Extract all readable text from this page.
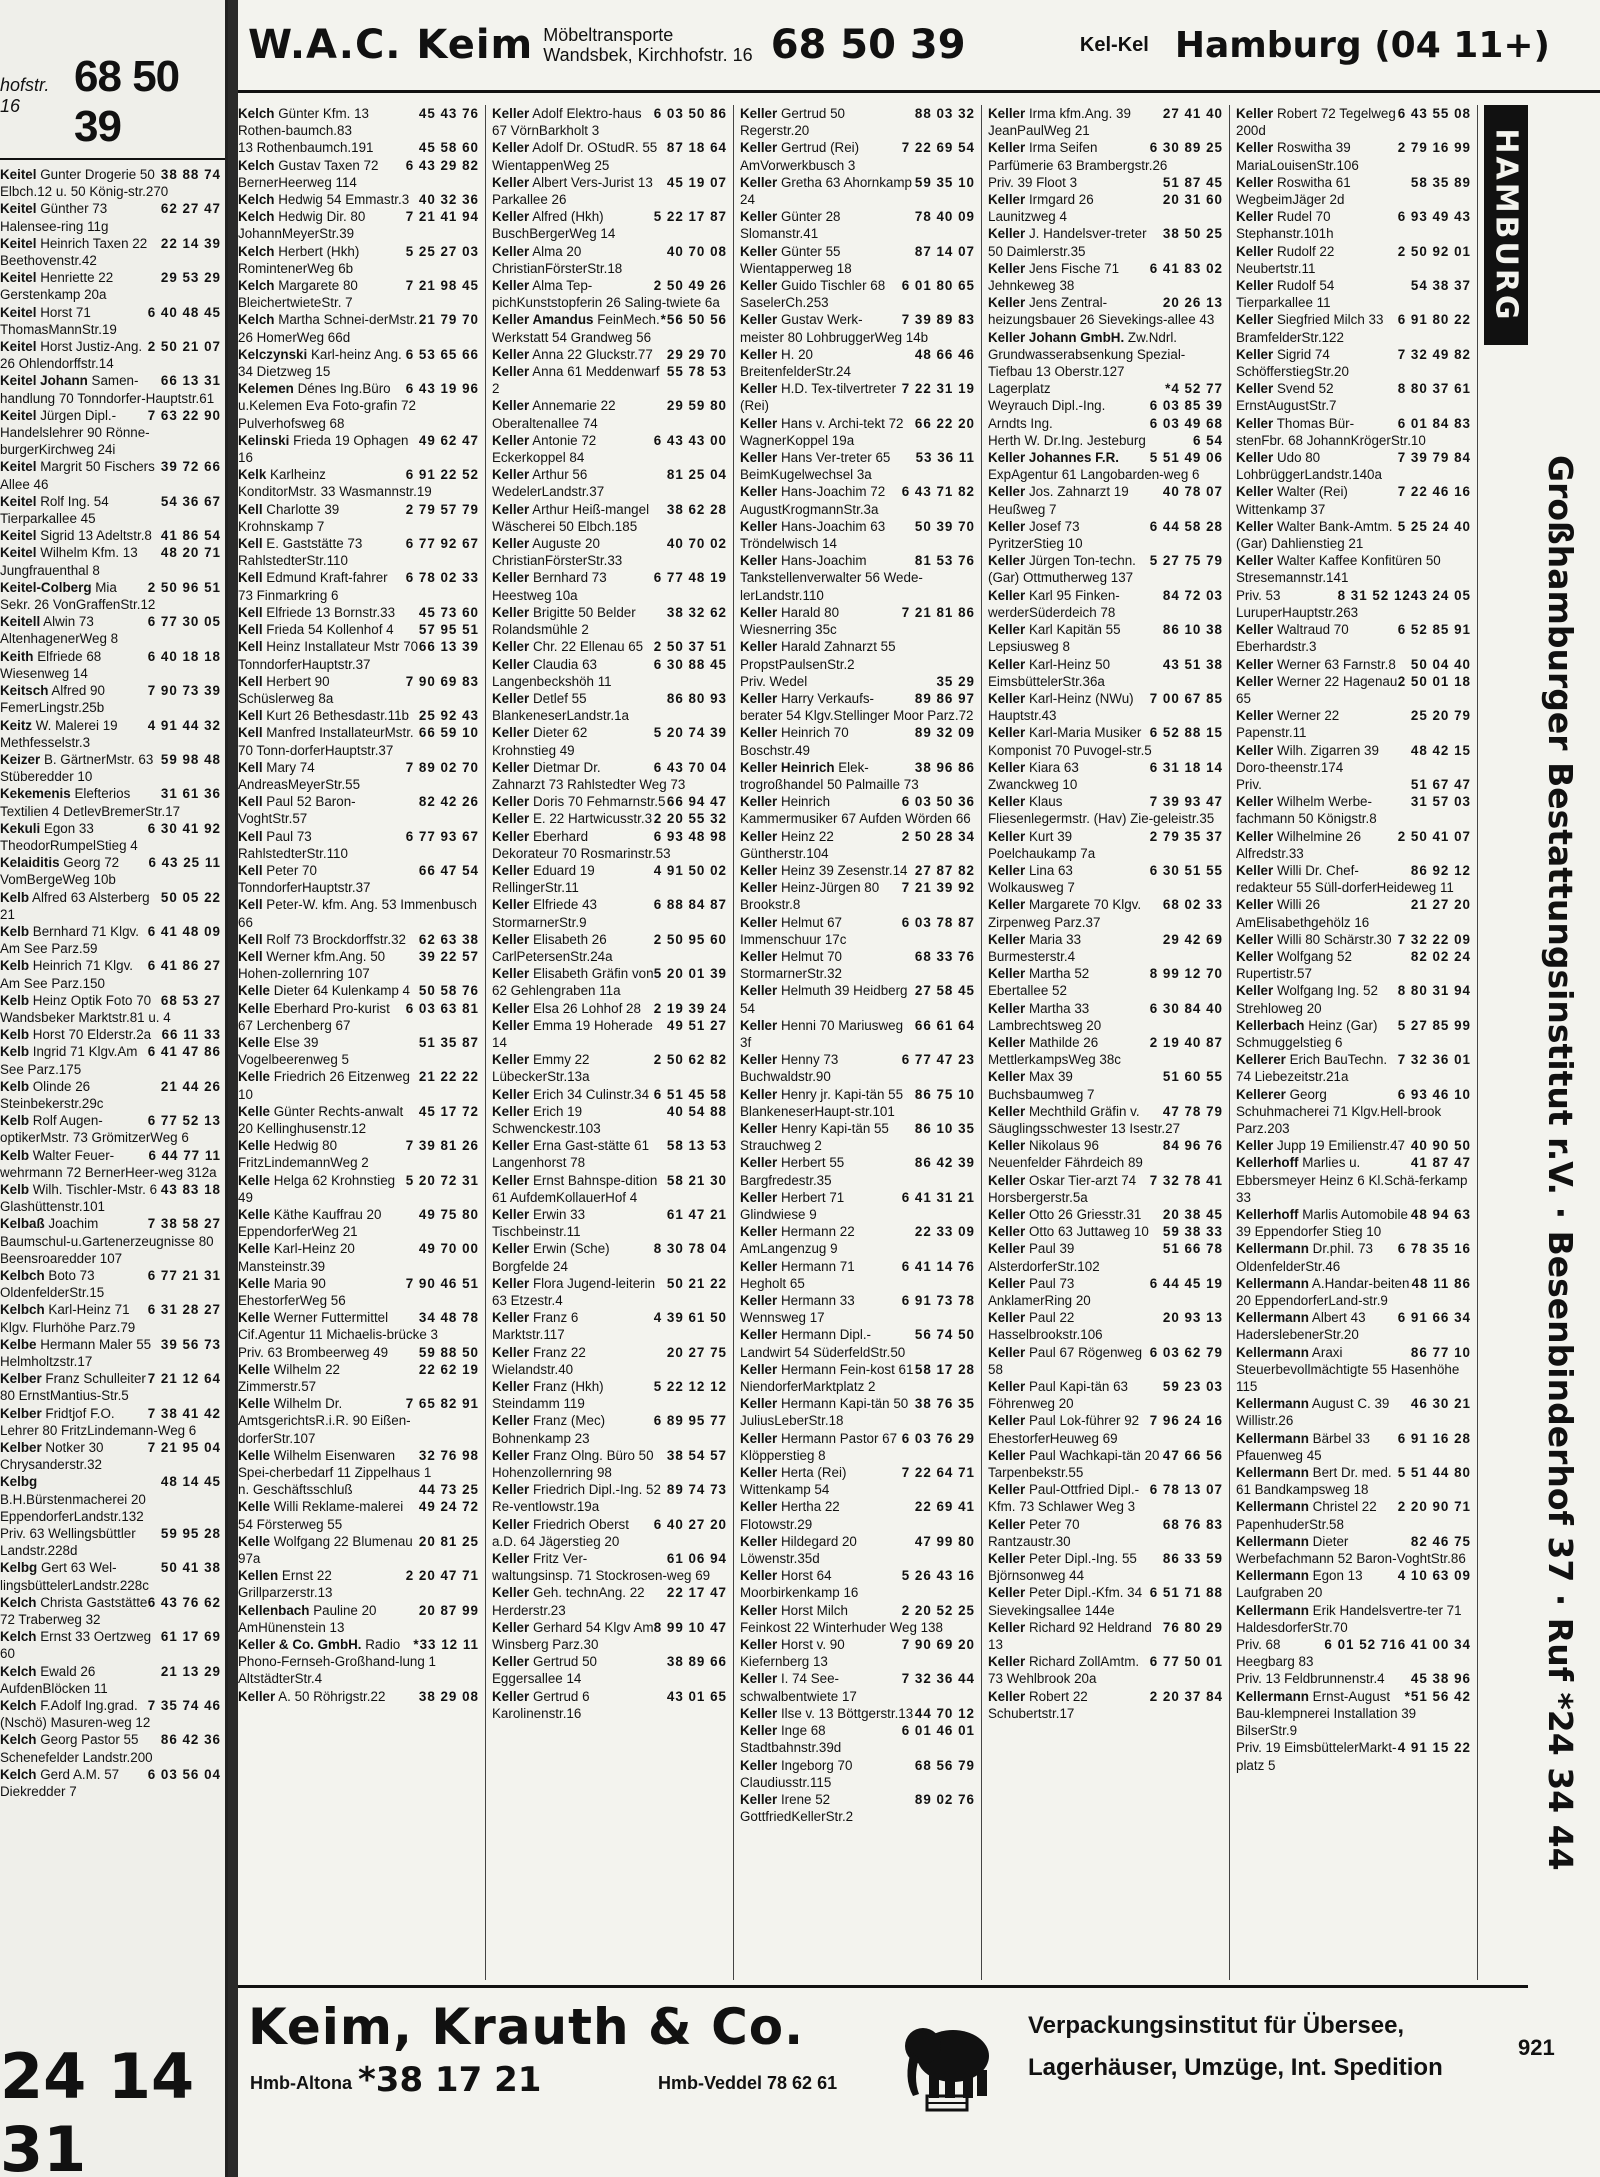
hofstr. 16
68 50 39
38 88 74
Keitel Gunter Drogerie 50 Elbch.12 u. 50 König-str.270
62 27 47
Keitel Günther 73 Halensee-ring 11g
22 14 39
Keitel Heinrich Taxen 22 Beethovenstr.42
29 53 29
Keitel Henriette 22 Gerstenkamp 20a
6 40 48 45
Keitel Horst 71 ThomasMannStr.19
2 50 21 07
Keitel Horst Justiz-Ang. 26 Ohlendorffstr.14
66 13 31
Keitel Johann Samen-handlung 70 Tonndorfer-Hauptstr.61
7 63 22 90
Keitel Jürgen Dipl.-Handelslehrer 90 Rönne-burgerKirchweg 24i
39 72 66
Keitel Margrit 50 Fischers Allee 46
54 36 67
Keitel Rolf Ing. 54 Tierparkallee 45
41 86 54
Keitel Sigrid 13 Adeltstr.8
48 20 71
Keitel Wilhelm Kfm. 13 Jungfrauenthal 8
2 50 96 51
Keitel-Colberg Mia Sekr. 26 VonGraffenStr.12
6 77 30 05
Keitell Alwin 73 AltenhagenerWeg 8
6 40 18 18
Keith Elfriede 68 Wiesenweg 14
7 90 73 39
Keitsch Alfred 90 FemerLingstr.25b
4 91 44 32
Keitz W. Malerei 19 Methfesselstr.3
59 98 48
Keizer B. GärtnerMstr. 63 Stüberedder 10
31 61 36
Kekemenis Elefterios Textilien 4 DetlevBremerStr.17
6 30 41 92
Kekuli Egon 33 TheodorRumpelStieg 4
6 43 25 11
Kelaiditis Georg 72 VomBergeWeg 10b
50 05 22
Kelb Alfred 63 Alsterberg 21
6 41 48 09
Kelb Bernhard 71 Klgv. Am See Parz.59
6 41 86 27
Kelb Heinrich 71 Klgv. Am See Parz.150
68 53 27
Kelb Heinz Optik Foto 70 Wandsbeker Marktstr.81 u. 4
66 11 33
Kelb Horst 70 Elderstr.2a
6 41 47 86
Kelb Ingrid 71 Klgv.Am See Parz.175
21 44 26
Kelb Olinde 26 Steinbekerstr.29c
6 77 52 13
Kelb Rolf Augen-optikerMstr. 73 GrömitzerWeg 6
6 44 77 11
Kelb Walter Feuer-wehrmann 72 BernerHeer-weg 312a
43 83 18
Kelb Wilh. Tischler-Mstr. 6 Glashüttenstr.101
7 38 58 27
Kelbaß Joachim Baumschul-u.Gartenerzeugnisse 80 Beensroaredder 107
6 77 21 31
Kelbch Boto 73 OldenfelderStr.15
6 31 28 27
Kelbch Karl-Heinz 71 Klgv. Flurhöhe Parz.79
39 56 73
Kelbe Hermann Maler 55 Helmholtzstr.17
7 21 12 64
Kelber Franz Schulleiter 80 ErnstMantius-Str.5
7 38 41 42
Kelber Fridtjof F.O. Lehrer 80 FritzLindemann-Weg 6
7 21 95 04
Kelber Notker 30 Chrysanderstr.32
48 14 45
Kelbg B.H.Bürstenmacherei 20 EppendorferLandstr.132
59 95 28
Priv. 63 Wellingsbüttler Landstr.228d
50 41 38
Kelbg Gert 63 Wel-lingsbüttelerLandstr.228c
6 43 76 62
Kelch Christa Gaststätte 72 Traberweg 32
61 17 69
Kelch Ernst 33 Oertzweg 60
21 13 29
Kelch Ewald 26 AufdenBlöcken 11
7 35 74 46
Kelch F.Adolf Ing.grad. (Nschö) Masuren-weg 12
86 42 36
Kelch Georg Pastor 55 Schenefelder Landstr.200
6 03 56 04
Kelch Gerd A.M. 57 Diekredder 7
24 14 31
W.A.C. Keim Möbeltransporte
Wandsbek, Kirchhofstr. 16 68 50 39	Kel-Kel Hamburg (04 11+)
45 43 76
Kelch Günter Kfm. 13 Rothen-baumch.83
45 58 60
13 Rothenbaumch.191
6 43 29 82
Kelch Gustav Taxen 72 BernerHeerweg 114
40 32 36
Kelch Hedwig 54 Emmastr.3
7 21 41 94
Kelch Hedwig Dir. 80 JohannMeyerStr.39
5 25 27 03
Kelch Herbert (Hkh) RomintenerWeg 6b
7 21 98 45
Kelch Margarete 80 BleichertwieteStr. 7
21 79 70
Kelch Martha Schnei-derMstr. 26 HomerWeg 66d
6 53 65 66
Kelczynski Karl-heinz Ang. 34 Dietzweg 15
6 43 19 96
Kelemen Dénes Ing.Büro u.Kelemen Eva Foto-grafin 72 Pulverhofsweg 68
49 62 47
Kelinski Frieda 19 Ophagen 16
6 91 22 52
Kelk Karlheinz KonditorMstr. 33 Wasmannstr.19
2 79 57 79
Kell Charlotte 39 Krohnskamp 7
6 77 92 67
Kell E. Gaststätte 73 RahlstedterStr.110
6 78 02 33
Kell Edmund Kraft-fahrer 73 Finmarkring 6
45 73 60
Kell Elfriede 13 Bornstr.33
57 95 51
Kell Frieda 54 Kollenhof 4
66 13 39
Kell Heinz Installateur Mstr 70 TonndorferHauptstr.37
7 90 69 83
Kell Herbert 90 Schüslerweg 8a
25 92 43
Kell Kurt 26 Bethesdastr.11b
66 59 10
Kell Manfred InstallateurMstr. 70 Tonn-dorferHauptstr.37
7 89 02 70
Kell Mary 74 AndreasMeyerStr.55
82 42 26
Kell Paul 52 Baron-VoghtStr.57
6 77 93 67
Kell Paul 73 RahlstedterStr.110
66 47 54
Kell Peter 70 TonndorferHauptstr.37
Kell Peter-W. kfm. Ang. 53 Immenbusch 66
62 63 38
Kell Rolf 73 Brockdorffstr.32
39 22 57
Kell Werner kfm.Ang. 50 Hohen-zollernring 107
50 58 76
Kelle Dieter 64 Kulenkamp 4
6 03 63 81
Kelle Eberhard Pro-kurist 67 Lerchenberg 67
51 35 87
Kelle Else 39 Vogelbeerenweg 5
21 22 22
Kelle Friedrich 26 Eitzenweg 10
45 17 72
Kelle Günter Rechts-anwalt 20 Kellinghusenstr.12
7 39 81 26
Kelle Hedwig 80 FritzLindemannWeg 2
5 20 72 31
Kelle Helga 62 Krohnstieg 49
49 75 80
Kelle Käthe Kauffrau 20 EppendorferWeg 21
49 70 00
Kelle Karl-Heinz 20 Mansteinstr.39
7 90 46 51
Kelle Maria 90 EhestorferWeg 56
34 48 78
Kelle Werner Futtermittel Cif.Agentur 11 Michaelis-brücke 3
59 88 50
Priv. 63 Brombeerweg 49
22 62 19
Kelle Wilhelm 22 Zimmerstr.57
7 65 82 91
Kelle Wilhelm Dr. AmtsgerichtsR.i.R. 90 Eißen-dorferStr.107
32 76 98
Kelle Wilhelm Eisenwaren Spei-cherbedarf 11 Zippelhaus 1
44 73 25
n. Geschäftsschluß
49 24 72
Kelle Willi Reklame-malerei 54 Försterweg 55
20 81 25
Kelle Wolfgang 22 Blumenau 97a
2 20 47 71
Kellen Ernst 22 Grillparzerstr.13
20 87 99
Kellenbach Pauline 20 AmHünenstein 13
*33 12 11
Keller & Co. GmbH. Radio Phono-Fernseh-Großhand-lung 1 AltstädterStr.4
38 29 08
Keller A. 50 Röhrigstr.22
6 03 50 86
Keller Adolf Elektro-haus 67 VörnBarkholt 3
87 18 64
Keller Adolf Dr. OStudR. 55 WientappenWeg 25
45 19 07
Keller Albert Vers-Jurist 13 Parkallee 26
5 22 17 87
Keller Alfred (Hkh) BuschBergerWeg 14
40 70 08
Keller Alma 20 ChristianFörsterStr.18
2 50 49 26
Keller Alma Tep-pichKunststopferin 26 Saling-twiete 6a
*56 50 56
Keller Amandus FeinMech. Werkstatt 54 Grandweg 56
29 29 70
Keller Anna 22 Gluckstr.77
55 78 53
Keller Anna 61 Meddenwarf 2
29 59 80
Keller Annemarie 22 Oberaltenallee 74
6 43 43 00
Keller Antonie 72 Eckerkoppel 84
81 25 04
Keller Arthur 56 WedelerLandstr.37
38 62 28
Keller Arthur Heiß-mangel Wäscherei 50 Elbch.185
40 70 02
Keller Auguste 20 ChristianFörsterStr.33
6 77 48 19
Keller Bernhard 73 Heestweg 10a
38 32 62
Keller Brigitte 50 Belder Rolandsmühle 2
2 50 37 51
Keller Chr. 22 Ellenau 65
6 30 88 45
Keller Claudia 63 Langenbeckshöh 11
86 80 93
Keller Detlef 55 BlankeneserLandstr.1a
5 20 74 39
Keller Dieter 62 Krohnstieg 49
6 43 70 04
Keller Dietmar Dr. Zahnarzt 73 Rahlstedter Weg 73
66 94 47
Keller Doris 70 Fehmarnstr.5
2 20 55 32
Keller E. 22 Hartwicusstr.3
6 93 48 98
Keller Eberhard Dekorateur 70 Rosmarinstr.53
4 91 50 02
Keller Eduard 19 RellingerStr.11
6 88 84 87
Keller Elfriede 43 StormarnerStr.9
2 50 95 60
Keller Elisabeth 26 CarlPetersenStr.24a
5 20 01 39
Keller Elisabeth Gräfin von 62 Gehlengraben 11a
2 19 39 24
Keller Elsa 26 Lohhof 28
49 51 27
Keller Emma 19 Hoherade 14
2 50 62 82
Keller Emmy 22 LübeckerStr.13a
6 51 45 58
Keller Erich 34 Culinstr.34
40 54 88
Keller Erich 19 Schwenckestr.103
58 13 53
Keller Erna Gast-stätte 61 Langenhorst 78
58 21 30
Keller Ernst Bahnspe-dition 61 AufdemKollauerHof 4
61 47 21
Keller Erwin 33 Tischbeinstr.11
8 30 78 04
Keller Erwin (Sche) Borgfelde 24
50 21 22
Keller Flora Jugend-leiterin 63 Etzestr.4
4 39 61 50
Keller Franz 6 Marktstr.117
20 27 75
Keller Franz 22 Wielandstr.40
5 22 12 12
Keller Franz (Hkh) Steindamm 119
6 89 95 77
Keller Franz (Mec) Bohnenkamp 23
38 54 57
Keller Franz Olng. Büro 50 Hohenzollernring 98
89 74 73
Keller Friedrich Dipl.-Ing. 52 Re-ventlowstr.19a
6 40 27 20
Keller Friedrich Oberst a.D. 64 Jägerstieg 20
61 06 94
Keller Fritz Ver-waltungsinsp. 71 Stockrosen-weg 69
22 17 47
Keller Geh. technAng. 22 Herderstr.23
8 99 10 47
Keller Gerhard 54 Klgv Am Winsberg Parz.30
38 89 66
Keller Gertrud 50 Eggersallee 14
43 01 65
Keller Gertrud 6 Karolinenstr.16
88 03 32
Keller Gertrud 50 Regerstr.20
7 22 69 54
Keller Gertrud (Rei) AmVorwerkbusch 3
59 35 10
Keller Gretha 63 Ahornkamp 24
78 40 09
Keller Günter 28 Slomanstr.41
87 14 07
Keller Günter 55 Wientapperweg 18
6 01 80 65
Keller Guido Tischler 68 SaselerCh.253
7 39 89 83
Keller Gustav Werk-meister 80 LohbruggerWeg 14b
48 66 46
Keller H. 20 BreitenfelderStr.24
7 22 31 19
Keller H.D. Tex-tilvertreter (Rei)
66 22 20
Keller Hans v. Archi-tekt 72 WagnerKoppel 19a
53 36 11
Keller Hans Ver-treter 65 BeimKugelwechsel 3a
6 43 71 82
Keller Hans-Joachim 72 AugustKrogmannStr.3a
50 39 70
Keller Hans-Joachim 63 Tröndelwisch 14
81 53 76
Keller Hans-Joachim Tankstellenverwalter 56 Wede-lerLandstr.110
7 21 81 86
Keller Harald 80 Wiesnerring 35c
Keller Harald Zahnarzt 55 PropstPaulsenStr.2
35 29
Priv. Wedel
89 86 97
Keller Harry Verkaufs-berater 54 Klgv.Stellinger Moor Parz.72
89 32 09
Keller Heinrich 70 Boschstr.49
38 96 86
Keller Heinrich Elek-trogroßhandel 50 Palmaille 73
6 03 50 36
Keller Heinrich Kammermusiker 67 Aufden Wörden 66
2 50 28 34
Keller Heinz 22 Güntherstr.104
27 87 82
Keller Heinz 39 Zesenstr.14
7 21 39 92
Keller Heinz-Jürgen 80 Brookstr.8
6 03 78 87
Keller Helmut 67 Immenschuur 17c
68 33 76
Keller Helmut 70 StormarnerStr.32
27 58 45
Keller Helmuth 39 Heidberg 54
66 61 64
Keller Henni 70 Mariusweg 3f
6 77 47 23
Keller Henny 73 Buchwaldstr.90
86 75 10
Keller Henry jr. Kapi-tän 55 BlankeneserHaupt-str.101
86 10 35
Keller Henry Kapi-tän 55 Strauchweg 2
86 42 39
Keller Herbert 55 Bargfredestr.35
6 41 31 21
Keller Herbert 71 Glindwiese 9
22 33 09
Keller Hermann 22 AmLangenzug 9
6 41 14 76
Keller Hermann 71 Hegholt 65
6 91 73 78
Keller Hermann 33 Wennsweg 17
56 74 50
Keller Hermann Dipl.-Landwirt 54 SüderfeldStr.50
58 17 28
Keller Hermann Fein-kost 61 NiendorferMarktplatz 2
38 76 35
Keller Hermann Kapi-tän 50 JuliusLeberStr.18
6 03 76 29
Keller Hermann Pastor 67 Klöpperstieg 8
7 22 64 71
Keller Herta (Rei) Wittenkamp 54
22 69 41
Keller Hertha 22 Flotowstr.29
47 99 80
Keller Hildegard 20 Löwenstr.35d
5 26 43 16
Keller Horst 64 Moorbirkenkamp 16
2 20 52 25
Keller Horst Milch Feinkost 22 Winterhuder Weg 138
7 90 69 20
Keller Horst v. 90 Kiefernberg 13
7 32 36 44
Keller I. 74 See-schwalbentwiete 17
44 70 12
Keller Ilse v. 13 Böttgerstr.13
6 01 46 01
Keller Inge 68 Stadtbahnstr.39d
68 56 79
Keller Ingeborg 70 Claudiusstr.115
89 02 76
Keller Irene 52 GottfriedKellerStr.2
27 41 40
Keller Irma kfm.Ang. 39 JeanPaulWeg 21
6 30 89 25
Keller Irma Seifen Parfümerie 63 Brambergstr.26
51 87 45
Priv. 39 Floot 3
20 31 60
Keller Irmgard 26 Launitzweg 4
38 50 25
Keller J. Handelsver-treter 50 Daimlerstr.35
6 41 83 02
Keller Jens Fische 71 Jehnkeweg 38
20 26 13
Keller Jens Zentral-heizungsbauer 26 Sievekings-allee 43
Keller Johann GmbH. Zw.Ndrl. Grundwasserabsenkung Spezial-Tiefbau 13 Oberstr.127
*4 52 77
Lagerplatz
6 03 85 39
Weyrauch Dipl.-Ing.
6 03 49 68
Arndts Ing.
6 54
Herth W. Dr.Ing. Jesteburg
5 51 49 06
Keller Johannes F.R. ExpAgentur 61 Langobarden-weg 6
40 78 07
Keller Jos. Zahnarzt 19 Heußweg 7
6 44 58 28
Keller Josef 73 PyritzerStieg 10
5 27 75 79
Keller Jürgen Ton-techn. (Gar) Ottmutherweg 137
84 72 03
Keller Karl 95 Finken-werderSüderdeich 78
86 10 38
Keller Karl Kapitän 55 Lepsiusweg 8
43 51 38
Keller Karl-Heinz 50 EimsbüttelerStr.36a
7 00 67 85
Keller Karl-Heinz (NWu) Hauptstr.43
6 52 88 15
Keller Karl-Maria Musiker Komponist 70 Puvogel-str.5
6 31 18 14
Keller Kiara 63 Zwanckweg 10
7 39 93 47
Keller Klaus Fliesenlegermstr. (Hav) Zie-geleistr.35
2 79 35 37
Keller Kurt 39 Poelchaukamp 7a
6 30 51 55
Keller Lina 63 Wolkausweg 7
68 02 33
Keller Margarete 70 Klgv. Zirpenweg Parz.37
29 42 69
Keller Maria 33 Burmesterstr.4
8 99 12 70
Keller Martha 52 Ebertallee 52
6 30 84 40
Keller Martha 33 Lambrechtsweg 20
2 19 40 87
Keller Mathilde 26 MettlerkampsWeg 38c
51 60 55
Keller Max 39 Buchsbaumweg 7
47 78 79
Keller Mechthild Gräfin v. Säuglingsschwester 13 Isestr.27
84 96 76
Keller Nikolaus 96 Neuenfelder Fährdeich 89
7 32 78 41
Keller Oskar Tier-arzt 74 Horsbergerstr.5a
20 38 45
Keller Otto 26 Griesstr.31
59 38 33
Keller Otto 63 Juttaweg 10
51 66 78
Keller Paul 39 AlsterdorferStr.102
6 44 45 19
Keller Paul 73 AnklamerRing 20
20 93 13
Keller Paul 22 Hasselbrookstr.106
6 03 62 79
Keller Paul 67 Rögenweg 58
59 23 03
Keller Paul Kapi-tän 63 Föhrenweg 20
7 96 24 16
Keller Paul Lok-führer 92 EhestorferHeuweg 69
47 66 56
Keller Paul Wachkapi-tän 20 Tarpenbekstr.55
6 78 13 07
Keller Paul-Ottfried Dipl.-Kfm. 73 Schlawer Weg 3
68 76 83
Keller Peter 70 Rantzaustr.30
86 33 59
Keller Peter Dipl.-Ing. 55 Björnsonweg 44
6 51 71 88
Keller Peter Dipl.-Kfm. 34 Sievekingsallee 144e
76 80 29
Keller Richard 92 Heldrand 13
6 77 50 01
Keller Richard ZollAmtm. 73 Wehlbrook 20a
2 20 37 84
Keller Robert 22 Schubertstr.17
6 43 55 08
Keller Robert 72 Tegelweg 200d
2 79 16 99
Keller Roswitha 39 MariaLouisenStr.106
58 35 89
Keller Roswitha 61 WegbeimJäger 2d
6 93 49 43
Keller Rudel 70 Stephanstr.101h
2 50 92 01
Keller Rudolf 22 Neubertstr.11
54 38 37
Keller Rudolf 54 Tierparkallee 11
6 91 80 22
Keller Siegfried Milch 33 BramfelderStr.122
7 32 49 82
Keller Sigrid 74 SchöfferstiegStr.20
8 80 37 61
Keller Svend 52 ErnstAugustStr.7
6 01 84 83
Keller Thomas Bür-stenFbr. 68 JohannKrögerStr.10
7 39 79 84
Keller Udo 80 LohbrüggerLandstr.140a
7 22 46 16
Keller Walter (Rei) Wittenkamp 37
5 25 24 40
Keller Walter Bank-Amtm. (Gar) Dahlienstieg 21
Keller Walter Kaffee Konfitüren 50 Stresemannstr.141
43 24 05
8 31 52 12
Priv. 53 LuruperHauptstr.263
6 52 85 91
Keller Waltraud 70 Eberhardstr.3
50 04 40
Keller Werner 63 Farnstr.8
2 50 01 18
Keller Werner 22 Hagenau 65
25 20 79
Keller Werner 22 Papenstr.11
48 42 15
Keller Wilh. Zigarren 39 Doro-theenstr.174
51 67 47
Priv.
31 57 03
Keller Wilhelm Werbe-fachmann 50 Königstr.8
2 50 41 07
Keller Wilhelmine 26 Alfredstr.33
86 92 12
Keller Willi Dr. Chef-redakteur 55 Süll-dorferHeideweg 11
21 27 20
Keller Willi 26 AmElisabethgehölz 16
7 32 22 09
Keller Willi 80 Schärstr.30
82 02 24
Keller Wolfgang 52 Rupertistr.57
8 80 31 94
Keller Wolfgang Ing. 52 Strehloweg 20
5 27 85 99
Kellerbach Heinz (Gar) Schmuggelstieg 6
7 32 36 01
Kellerer Erich BauTechn. 74 Liebezeitstr.21a
6 93 46 10
Kellerer Georg Schuhmacherei 71 Klgv.Hell-brook Parz.203
40 90 50
Keller Jupp 19 Emilienstr.47
41 87 47
Kellerhoff Marlies u. Ebbersmeyer Heinz 6 Kl.Schä-ferkamp 33
48 94 63
Kellerhoff Marlis Automobile 39 Eppendorfer Stieg 10
6 78 35 16
Kellermann Dr.phil. 73 OldenfelderStr.46
48 11 86
Kellermann A.Handar-beiten 20 EppendorferLand-str.9
6 91 66 34
Kellermann Albert 43 HaderslebenerStr.20
86 77 10
Kellermann Araxi Steuerbevollmächtigte 55 Hasenhöhe 115
46 30 21
Kellermann August C. 39 Willistr.26
6 91 16 28
Kellermann Bärbel 33 Pfauenweg 45
5 51 44 80
Kellermann Bert Dr. med. 61 Bandkampsweg 18
2 20 90 71
Kellermann Christel 22 PapenhuderStr.58
82 46 75
Kellermann Dieter Werbefachmann 52 Baron-VoghtStr.86
4 10 63 09
Kellermann Egon 13 Laufgraben 20
Kellermann Erik Handelsvertre-ter 71 HaldesdorferStr.70
6 41 00 34
6 01 52 71
Priv. 68 Heegbarg 83
45 38 96
Priv. 13 Feldbrunnenstr.4
*51 56 42
Kellermann Ernst-August Bau-klempnerei Installation 39 BilserStr.9
4 91 15 22
Priv. 19 EimsbüttelerMarkt-platz 5
HAMBURG
Großhamburger Bestattungsinstitut r.V. · Besenbinderhof 37 · Ruf *24 34 44
Keim, Krauth & Co.
Hmb-Altona *38 17 21	Hmb-Veddel 78 62 61
Verpackungsinstitut für Übersee,
Lagerhäuser, Umzüge, Int. Spedition
921
